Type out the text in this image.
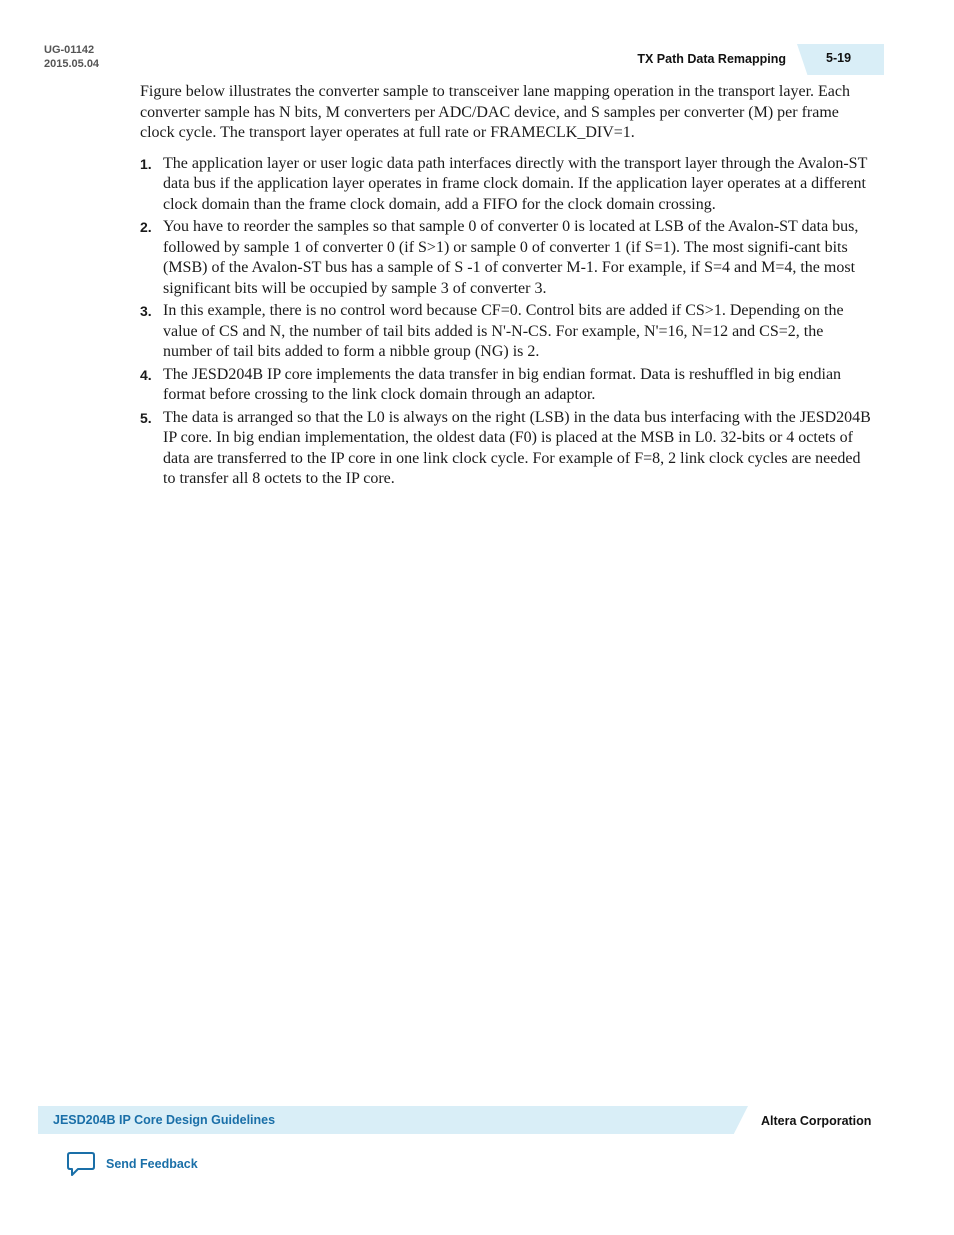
UG-01142
2015.05.04	TX Path Data Remapping	5-19

Figure below illustrates the converter sample to transceiver lane mapping operation in the transport layer. Each converter sample has N bits, M converters per ADC/DAC device, and S samples per converter (M) per frame clock cycle. The transport layer operates at full rate or FRAMECLK_DIV=1.

1. The application layer or user logic data path interfaces directly with the transport layer through the Avalon-ST data bus if the application layer operates in frame clock domain. If the application layer operates at a different clock domain than the frame clock domain, add a FIFO for the clock domain crossing.
2. You have to reorder the samples so that sample 0 of converter 0 is located at LSB of the Avalon-ST data bus, followed by sample 1 of converter 0 (if S>1) or sample 0 of converter 1 (if S=1). The most signifi-cant bits (MSB) of the Avalon-ST bus has a sample of S -1 of converter M-1. For example, if S=4 and M=4, the most significant bits will be occupied by sample 3 of converter 3.
3. In this example, there is no control word because CF=0. Control bits are added if CS>1. Depending on the value of CS and N, the number of tail bits added is N'-N-CS. For example, N'=16, N=12 and CS=2, the number of tail bits added to form a nibble group (NG) is 2.
4. The JESD204B IP core implements the data transfer in big endian format. Data is reshuffled in big endian format before crossing to the link clock domain through an adaptor.
5. The data is arranged so that the L0 is always on the right (LSB) in the data bus interfacing with the JESD204B IP core. In big endian implementation, the oldest data (F0) is placed at the MSB in L0. 32-bits or 4 octets of data are transferred to the IP core in one link clock cycle. For example of F=8, 2 link clock cycles are needed to transfer all 8 octets to the IP core.
JESD204B IP Core Design Guidelines	Altera Corporation
Send Feedback
